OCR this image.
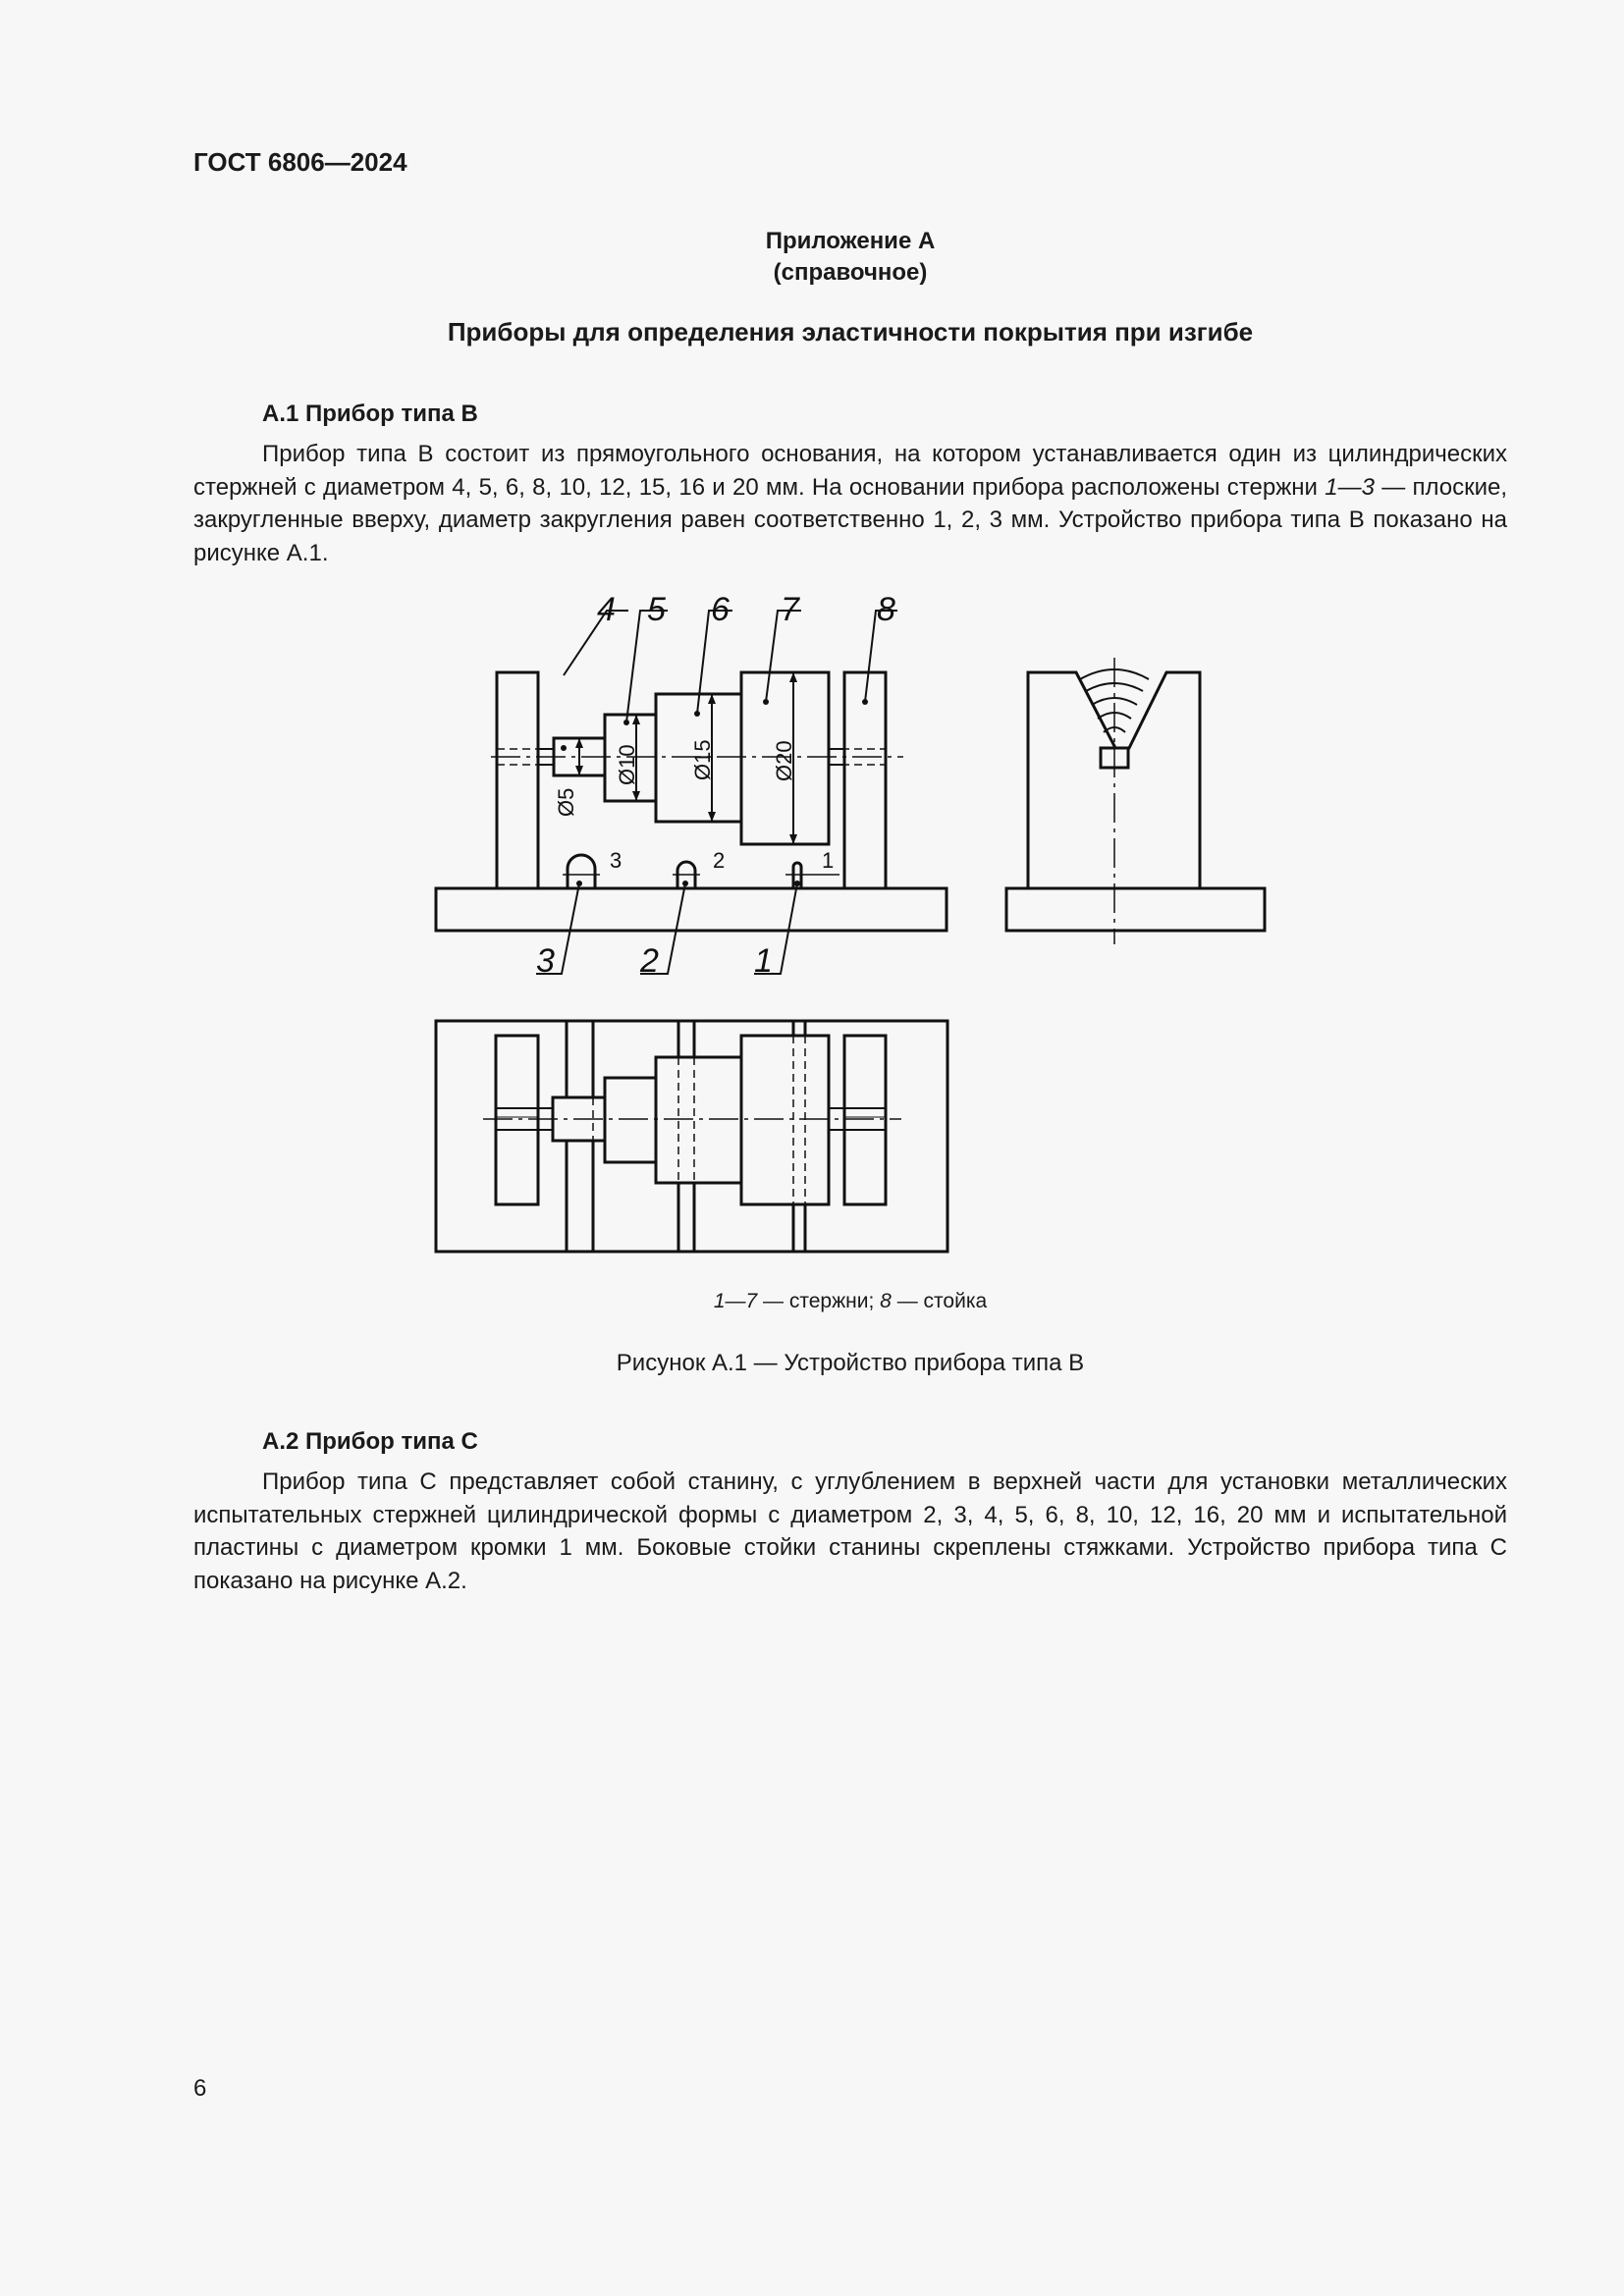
ГОСТ 6806—2024
Приложение А
(справочное)
Приборы для определения эластичности покрытия при изгибе
А.1 Прибор типа В
Прибор типа В состоит из прямоугольного основания, на котором устанавливается один из цилиндрических стержней с диаметром 4, 5, 6, 8, 10, 12, 15, 16 и 20 мм. На основании прибора расположены стержни 1—3 — плоские, закругленные вверху, диаметр закругления равен соответственно 1, 2, 3 мм. Устройство прибора типа В показано на рисунке А.1.
4 5 6 7 8
3	2	1
Ø5
Ø10 Ø15	Ø20
3	2	1
1—7 — стержни; 8 — стойка
Рисунок А.1 — Устройство прибора типа В
А.2 Прибор типа С
Прибор типа С представляет собой станину, с углублением в верхней части для установки металлических испытательных стержней цилиндрической формы с диаметром 2, 3, 4, 5, 6, 8, 10, 12, 16, 20 мм и испытательной пластины с диаметром кромки 1 мм. Боковые стойки станины скреплены стяжками. Устройство прибора типа С показано на рисунке А.2.
6
